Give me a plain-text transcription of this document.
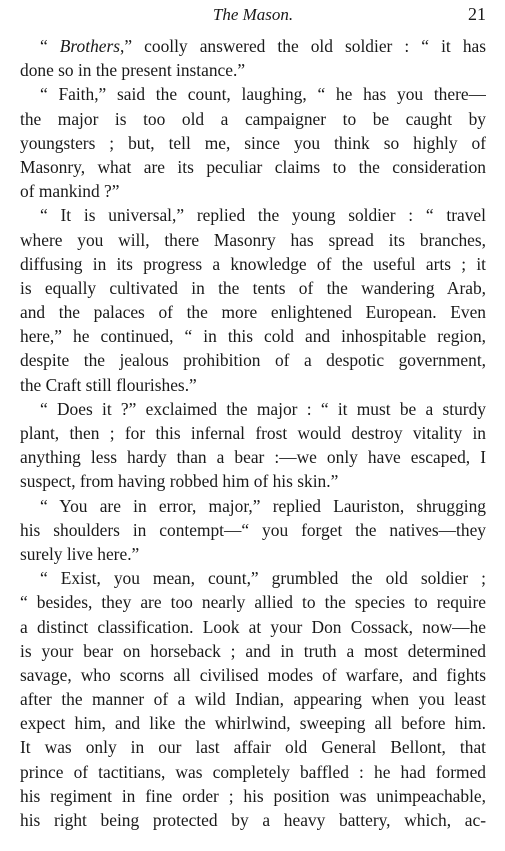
The Mason.	21
“ Brothers,” coolly answered the old soldier : “ it has
done so in the present instance.”
“ Faith,” said the count, laughing, “ he has you there—
the major is too old a campaigner to be caught by
youngsters ; but, tell me, since you think so highly of
Masonry, what are its peculiar claims to the consideration
of mankind ?”
“ It is universal,” replied the young soldier : “ travel
where you will, there Masonry has spread its branches,
diffusing in its progress a knowledge of the useful arts ; it
is equally cultivated in the tents of the wandering Arab,
and the palaces of the more enlightened European. Even
here,” he continued, “ in this cold and inhospitable region,
despite the jealous prohibition of a despotic government,
the Craft still flourishes.”
“ Does it ?” exclaimed the major : “ it must be a sturdy
plant, then ; for this infernal frost would destroy vitality in
anything less hardy than a bear :—we only have escaped, I
suspect, from having robbed him of his skin.”
“ You are in error, major,” replied Lauriston, shrugging
his shoulders in contempt—“ you forget the natives—they
surely live here.”
“ Exist, you mean, count,” grumbled the old soldier ;
“ besides, they are too nearly allied to the species to require
a distinct classification. Look at your Don Cossack, now—he
is your bear on horseback ; and in truth a most determined
savage, who scorns all civilised modes of warfare, and fights
after the manner of a wild Indian, appearing when you least
expect him, and like the whirlwind, sweeping all before him.
It was only in our last affair old General Bellont, that
prince of tactitians, was completely baffled : he had formed
his regiment in fine order ; his position was unimpeachable,
his right being protected by a heavy battery, which, ac-
